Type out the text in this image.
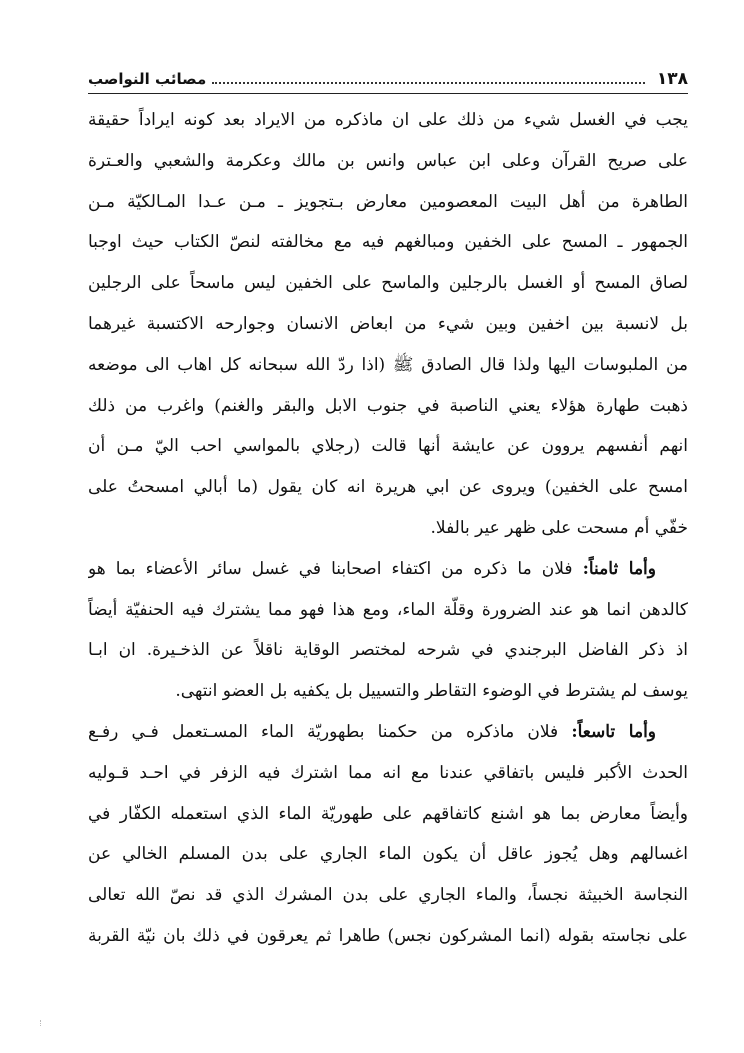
١٣٨
مصائب النواصب
يجب في الغسل شيء من ذلك على ان ماذكره من الايراد بعد كونه ايراداً حقيقة
على صريح القرآن وعلى ابن عباس وانس بن مالك وعكرمة والشعبي والعـترة
الطاهرة من أهل البيت المعصومين معارض بـتجويز ـ مـن عـدا المـالكيّة مـن
الجمهور ـ المسح على الخفين ومبالغهم فيه مع مخالفته لنصّ الكتاب حيث اوجبا
لصاق المسح أو الغسل بالرجلين والماسح على الخفين ليس ماسحاً على الرجلين
بل لانسبة بين اخفين وبين شيء من ابعاض الانسان وجوارحه الاكتسبة غيرهما
من الملبوسات اليها ولذا قال الصادق ﷺ (اذا ردّ الله سبحانه كل اهاب الى موضعه
ذهبت طهارة هؤلاء يعني الناصبة في جنوب الابل والبقر والغنم) واغرب من ذلك
انهم أنفسهم يروون عن عايشة أنها قالت (رجلاي بالمواسي احب اليّ مـن أن
امسح على الخفين) ويروى عن ابي هريرة انه كان يقول (ما أبالي امسحتُ على
خفّي أم مسحت على ظهر عير بالفلا.
وأما ثامناً: فلان ما ذكره من اكتفاء اصحابنا في غسل سائر الأعضاء بما هو
كالدهن انما هو عند الضرورة وقلّة الماء، ومع هذا فهو مما يشترك فيه الحنفيّة أيضاً
اذ ذكر الفاضل البرجندي في شرحه لمختصر الوقاية ناقلاً عن الذخـيرة. ان ابـا
يوسف لم يشترط في الوضوء التقاطر والتسييل بل يكفيه بل العضو انتهى.
وأما تاسعاً: فلان ماذكره من حكمنا بطهوريّة الماء المسـتعمل فـي رفـع
الحدث الأكبر فليس باتفاقي عندنا مع انه مما اشترك فيه الزفر في احـد قـوليه
وأيضاً معارض بما هو اشنع كاتفاقهم على طهوريّة الماء الذي استعمله الكفّار في
اغسالهم وهل يُجوز عاقل أن يكون الماء الجاري على بدن المسلم الخالي عن
النجاسة الخبيثة نجساً، والماء الجاري على بدن المشرك الذي قد نصّ الله تعالى
على نجاسته بقوله (انما المشركون نجس) طاهرا ثم يعرقون في ذلك بان نيّة القربة
